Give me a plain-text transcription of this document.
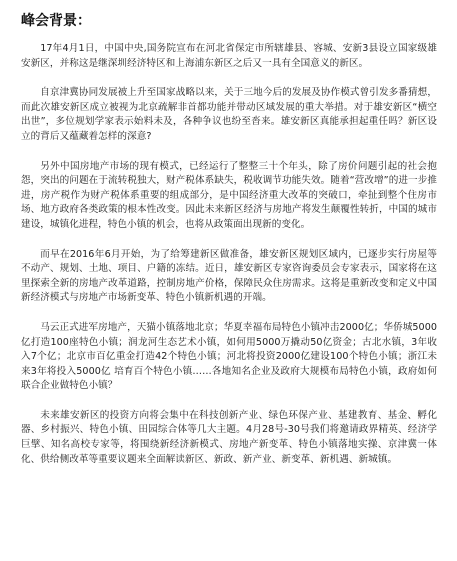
峰会背景：

17年4月1日，中国中央,国务院宣布在河北省保定市所辖雄县、容城、安新3县设立国家级雄安新区，并称这是继深圳经济特区和上海浦东新区之后又一具有全国意义的新区。

自京津冀协同发展被上升至国家战略以来，关于三地今后的发展及协作模式曾引发多番猜想，而此次雄安新区成立被视为北京疏解非首都功能并带动区域发展的重大举措。对于雄安新区“横空出世”，多位规划学家表示始料未及，各种争议也纷至沓来。雄安新区真能承担起重任吗？新区设立的背后又蕴藏着怎样的深意?

另外中国房地产市场的现有模式，已经运行了整整三十个年头，除了房价问题引起的社会抱怨，突出的问题在于流转税独大，财产税体系缺失，税收调节功能失效。随着“营改增”的进一步推进，房产税作为财产税体系重要的组成部分，是中国经济重大改革的突破口，牵扯到整个住房市场、地方政府各类政策的根本性改变。因此未来新区经济与房地产将发生颠覆性转折，中国的城市建设，城镇化进程，特色小镇的机会，也将从政策面出现新的变化。

而早在2016年6月开始，为了给筹建新区做准备，雄安新区规划区域内，已逐步实行房屋等不动产、规划、土地、项目、户籍的冻结。近日，雄安新区专家咨询委员会专家表示，国家将在这里探索全新的房地产改革道路，控制房地产价格，保障民众住房需求。这将是重新改变和定义中国新经济模式与房地产市场新变革、特色小镇新机遇的开端。

马云正式进军房地产，天猫小镇落地北京；华夏幸福布局特色小镇冲击2000亿；华侨城5000亿打造100座特色小镇；润龙河生态艺术小镇，如何用5000万撬动50亿资金；古北水镇，3年收入7个亿；北京市百亿重金打造42个特色小镇；河北将投资2000亿建设100个特色小镇；浙江未来3年将投入5000亿 培育百个特色小镇……各地知名企业及政府大规模布局特色小镇，政府如何联合企业做特色小镇？

未来雄安新区的投资方向将会集中在科技创新产业、绿色环保产业、基建教育、基金、孵化器、乡村振兴、特色小镇、田园综合体等几大主题。4月28号-30号我们将邀请政界精英、经济学巨擘、知名高校专家等，将围绕新经济新模式、房地产新变革、特色小镇落地实操、京津冀一体化、供给侧改革等重要议题来全面解读新区、新政、新产业、新变革、新机遇、新城镇。
